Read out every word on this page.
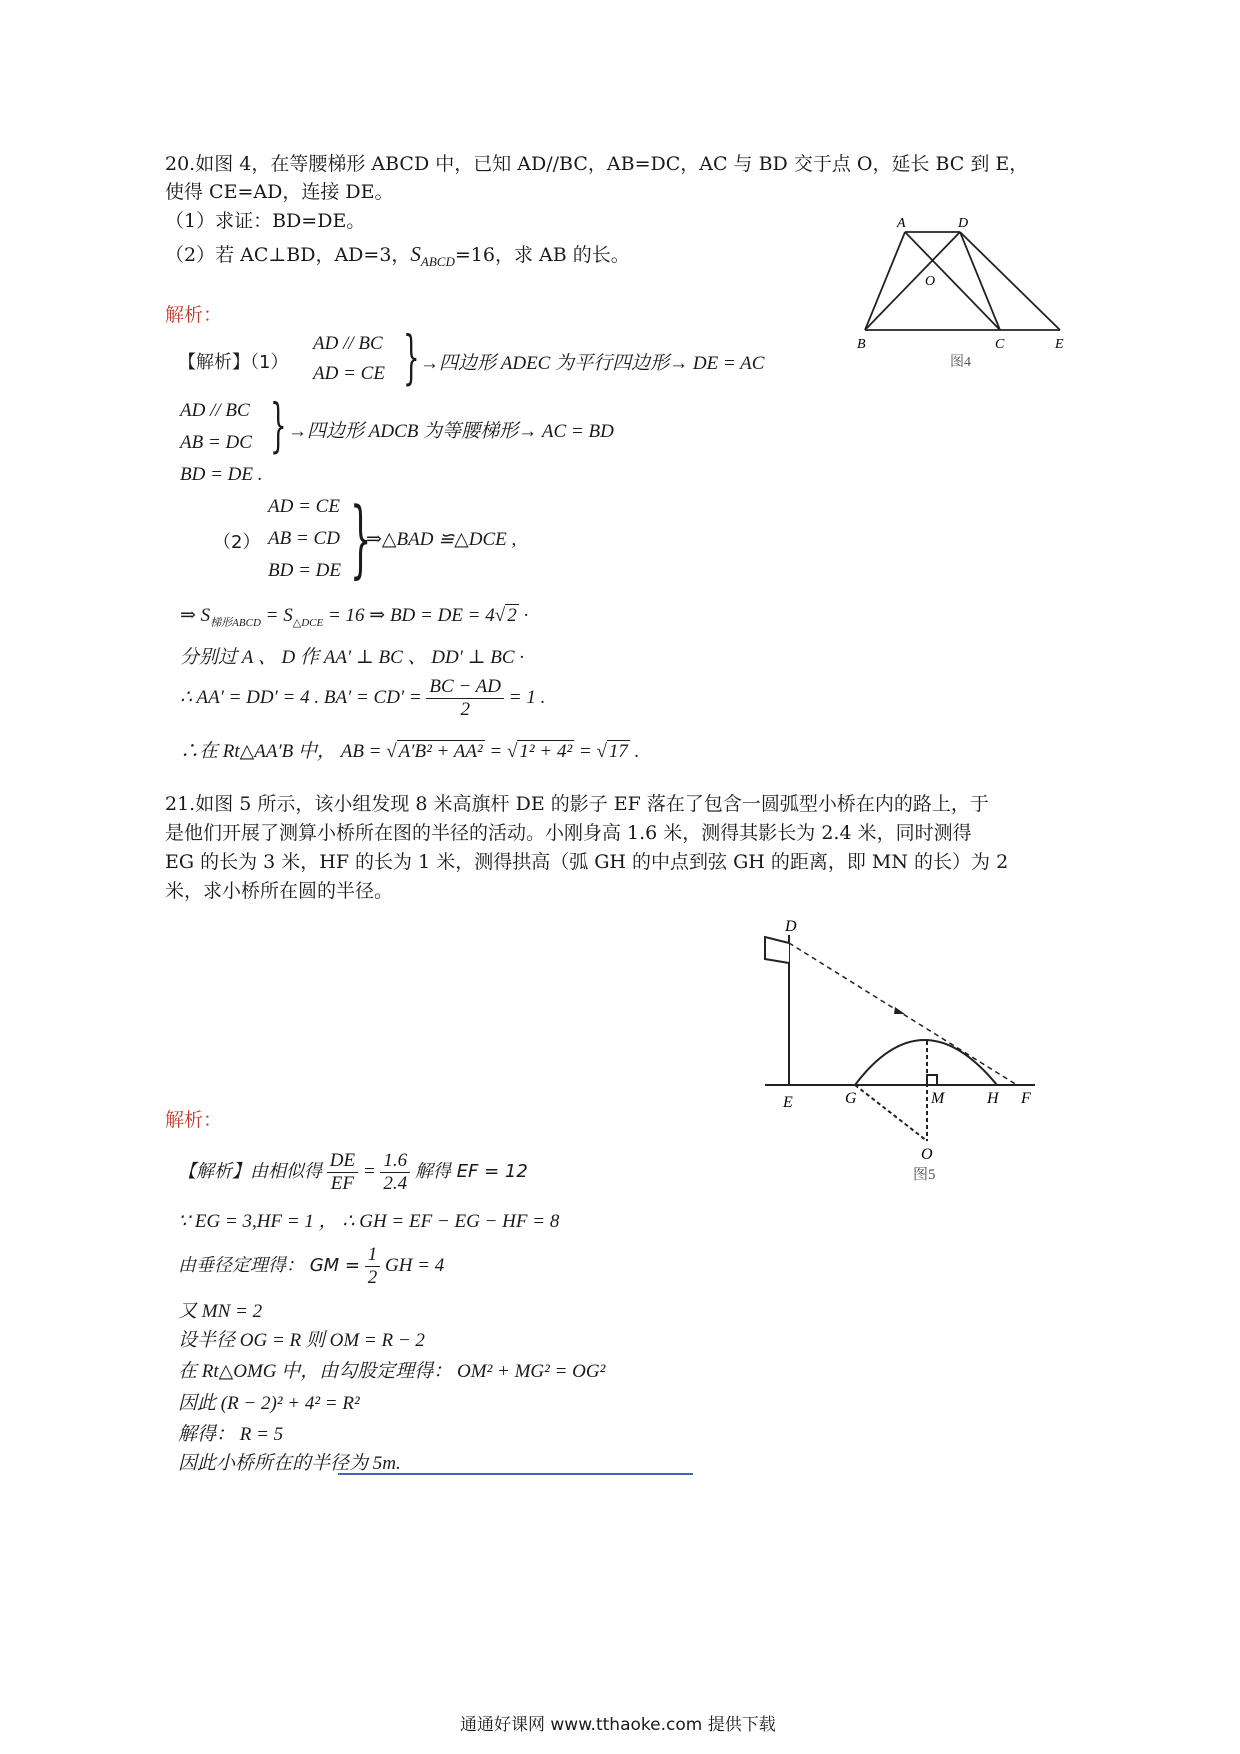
20.如图 4，在等腰梯形 ABCD 中，已知 AD//BC，AB=DC，AC 与 BD 交于点 O，延长 BC 到 E，
使得 CE=AD，连接 DE。
（1）求证：BD=DE。
（2）若 AC⊥BD，AD=3，$S_{ABCD}=16$，求 AB 的长。
A	D
O
B	C	E
图4
解析：
【解析】（1）
AD // BC
AD = CE } →四边形 ADEC 为平行四边形→ DE = AC
AD // BC
AB = DC } →四边形 ADCB 为等腰梯形→ AC = BD
BD = DE .
AD = CE
（2） AB = CD
BD = DE }
⇒△BAD ≌△DCE ,
⇒ $S_{梯形ABCD} = S_{\triangle DCE} = 16$ ⇒ BD = DE = 4√ 2 ·
分别过 A 、 D 作 AA′ ⊥ BC 、 DD′ ⊥ BC ·
∴ AA′ = DD′ = 4 . $BA' = CD' = \frac{BC - AD}{2} = 1$ .
∴在 Rt△AA′B 中， AB = √ A′B² + AA² = √ 1² + 4² = √ 17 .
21.如图 5 所示，该小组发现 8 米高旗杆 DE 的影子 EF 落在了包含一圆弧型小桥在内的路上，于
是他们开展了测算小桥所在图的半径的活动。小刚身高 1.6 米，测得其影长为 2.4 米，同时测得
EG 的长为 3 米，HF 的长为 1 米，测得拱高（弧 GH 的中点到弦 GH 的距离，即 MN 的长）为 2
米，求小桥所在圆的半径。
D
E	G	M	H F
O
图5
解析：
【解析】由相似得 $\frac{DE}{EF} = \frac{1.6}{2.4}$ 解得 EF = 12
∵ EG = 3,HF = 1 ， ∴ GH = EF − EG − HF = 8
由垂径定理得： GM = $\frac{1}{2}$ GH = 4
又 MN = 2
设半径 OG = R 则 OM = R − 2
在 Rt△OMG 中，由勾股定理得： OM² + MG² = OG²
因此 (R − 2)² + 4² = R²
解得： R = 5
因此小桥所在的半径为 5m.
通通好课网 www.tthaoke.com 提供下载
